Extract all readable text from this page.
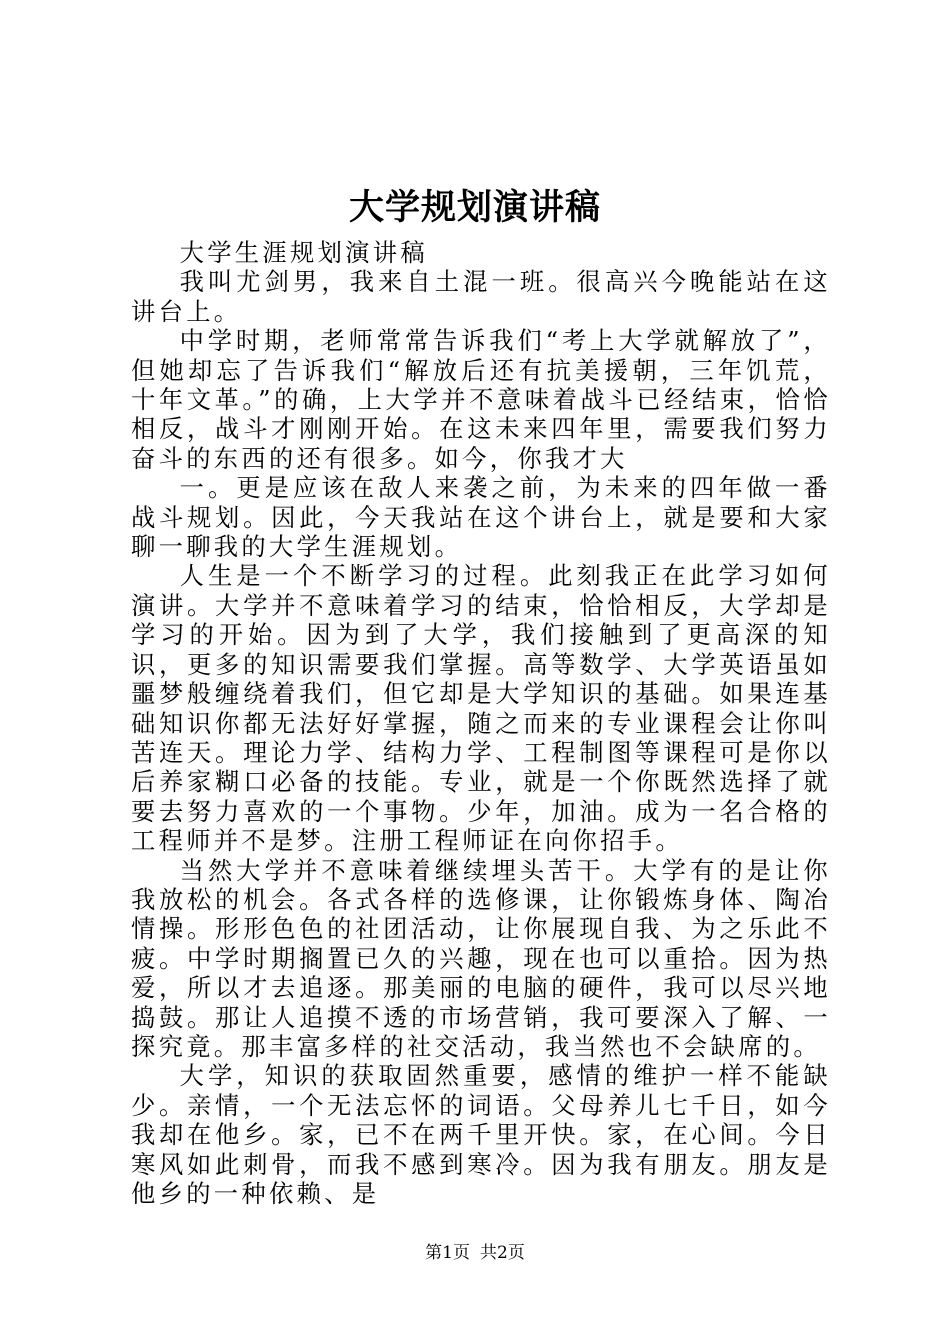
大学规划演讲稿

大学生涯规划演讲稿

我叫尤剑男，我来自土混一班。很高兴今晚能站在这讲台上。

中学时期，老师常常告诉我们“考上大学就解放了”，但她却忘了告诉我们“解放后还有抗美援朝，三年饥荒，十年文革。”的确，上大学并不意味着战斗已经结束，恰恰相反，战斗才刚刚开始。在这未来四年里，需要我们努力奋斗的东西的还有很多。如今，你我才大

一。更是应该在敌人来袭之前，为未来的四年做一番战斗规划。因此，今天我站在这个讲台上，就是要和大家聊一聊我的大学生涯规划。

人生是一个不断学习的过程。此刻我正在此学习如何演讲。大学并不意味着学习的结束，恰恰相反，大学却是学习的开始。因为到了大学，我们接触到了更高深的知识，更多的知识需要我们掌握。高等数学、大学英语虽如噩梦般缠绕着我们，但它却是大学知识的基础。如果连基础知识你都无法好好掌握，随之而来的专业课程会让你叫苦连天。理论力学、结构力学、工程制图等课程可是你以后养家糊口必备的技能。专业，就是一个你既然选择了就要去努力喜欢的一个事物。少年，加油。成为一名合格的工程师并不是梦。注册工程师证在向你招手。

当然大学并不意味着继续埋头苦干。大学有的是让你我放松的机会。各式各样的选修课，让你锻炼身体、陶冶情操。形形色色的社团活动，让你展现自我、为之乐此不疲。中学时期搁置已久的兴趣，现在也可以重拾。因为热爱，所以才去追逐。那美丽的电脑的硬件，我可以尽兴地捣鼓。那让人追摸不透的市场营销，我可要深入了解、一探究竟。那丰富多样的社交活动，我当然也不会缺席的。

大学，知识的获取固然重要，感情的维护一样不能缺少。亲情，一个无法忘怀的词语。父母养儿七千日，如今我却在他乡。家，已不在两千里开快。家，在心间。今日寒风如此刺骨，而我不感到寒冷。因为我有朋友。朋友是他乡的一种依赖、是

第1页 共2页
